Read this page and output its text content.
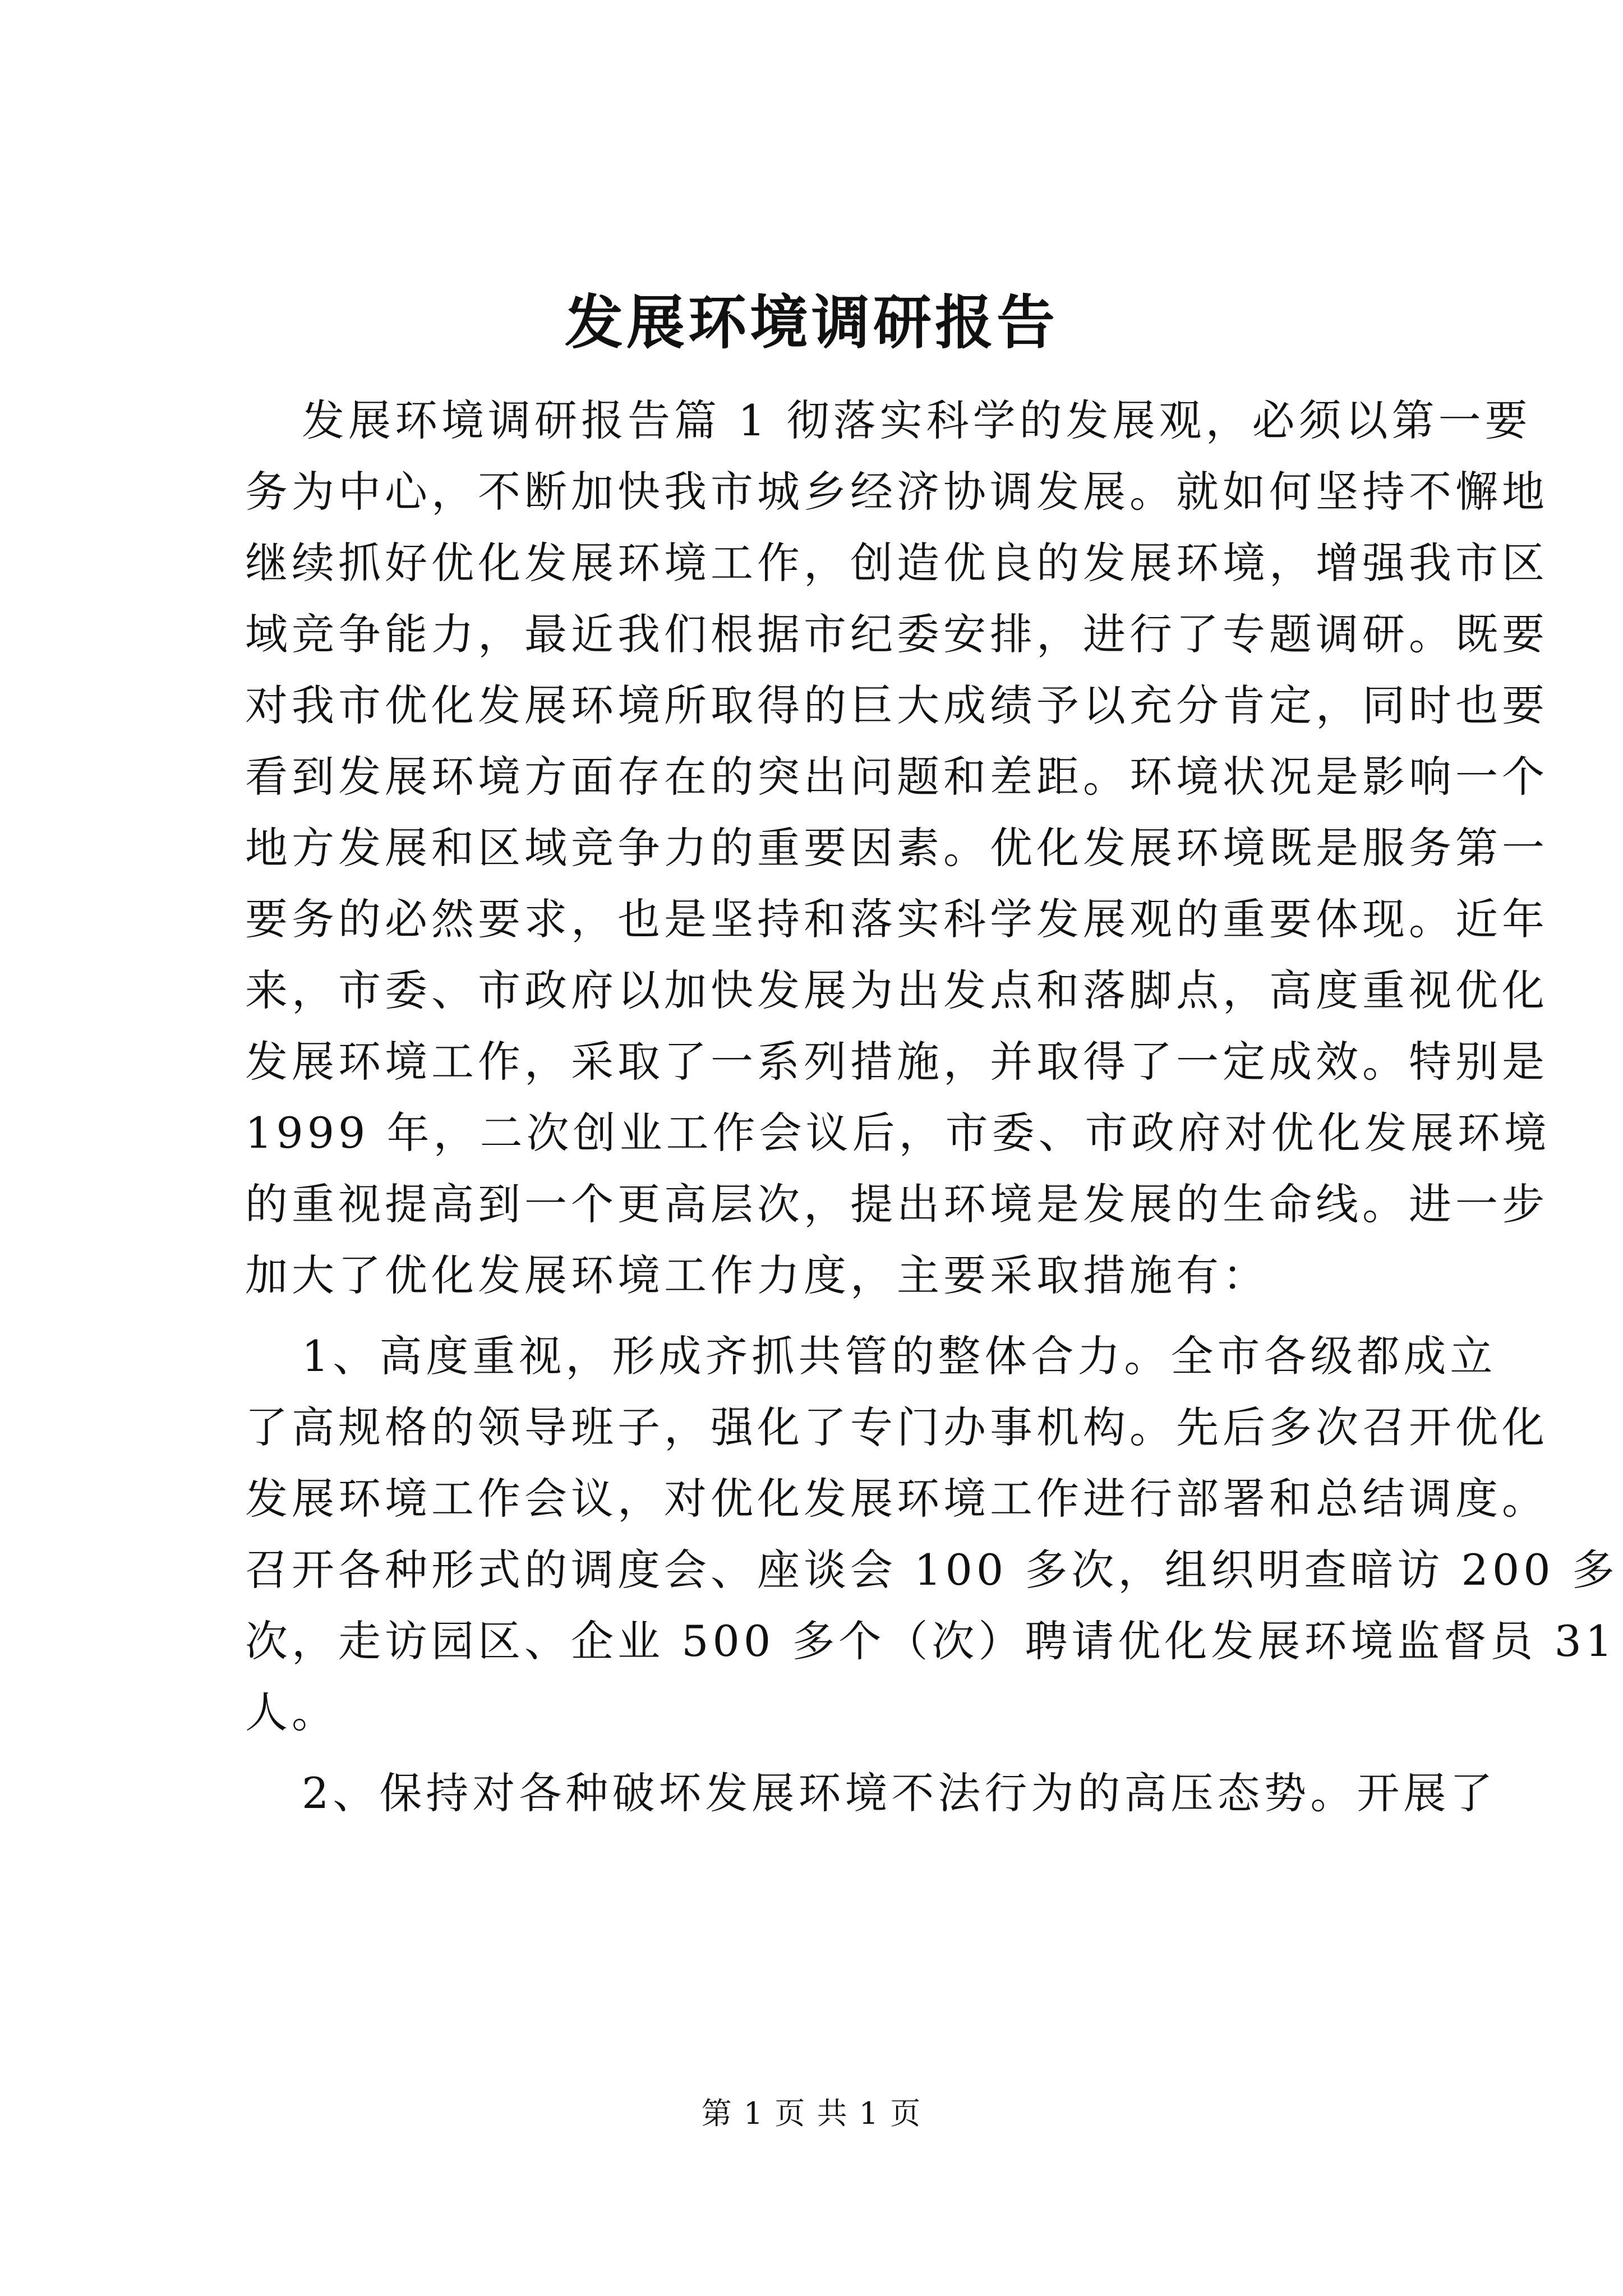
发展环境调研报告
发展环境调研报告篇 1 彻落实科学的发展观，必须以第一要
务为中心，不断加快我市城乡经济协调发展。就如何坚持不懈地
继续抓好优化发展环境工作，创造优良的发展环境，增强我市区
域竞争能力，最近我们根据市纪委安排，进行了专题调研。既要
对我市优化发展环境所取得的巨大成绩予以充分肯定，同时也要
看到发展环境方面存在的突出问题和差距。环境状况是影响一个
地方发展和区域竞争力的重要因素。优化发展环境既是服务第一
要务的必然要求，也是坚持和落实科学发展观的重要体现。近年
来，市委、市政府以加快发展为出发点和落脚点，高度重视优化
发展环境工作，采取了一系列措施，并取得了一定成效。特别是
1999 年，二次创业工作会议后，市委、市政府对优化发展环境
的重视提高到一个更高层次，提出环境是发展的生命线。进一步
加大了优化发展环境工作力度，主要采取措施有：
1、高度重视，形成齐抓共管的整体合力。全市各级都成立
了高规格的领导班子，强化了专门办事机构。先后多次召开优化
发展环境工作会议，对优化发展环境工作进行部署和总结调度。
召开各种形式的调度会、座谈会 100 多次，组织明查暗访 200 多
次，走访园区、企业 500 多个（次）聘请优化发展环境监督员 31
人。
2、保持对各种破坏发展环境不法行为的高压态势。开展了
第 1 页 共 1 页
